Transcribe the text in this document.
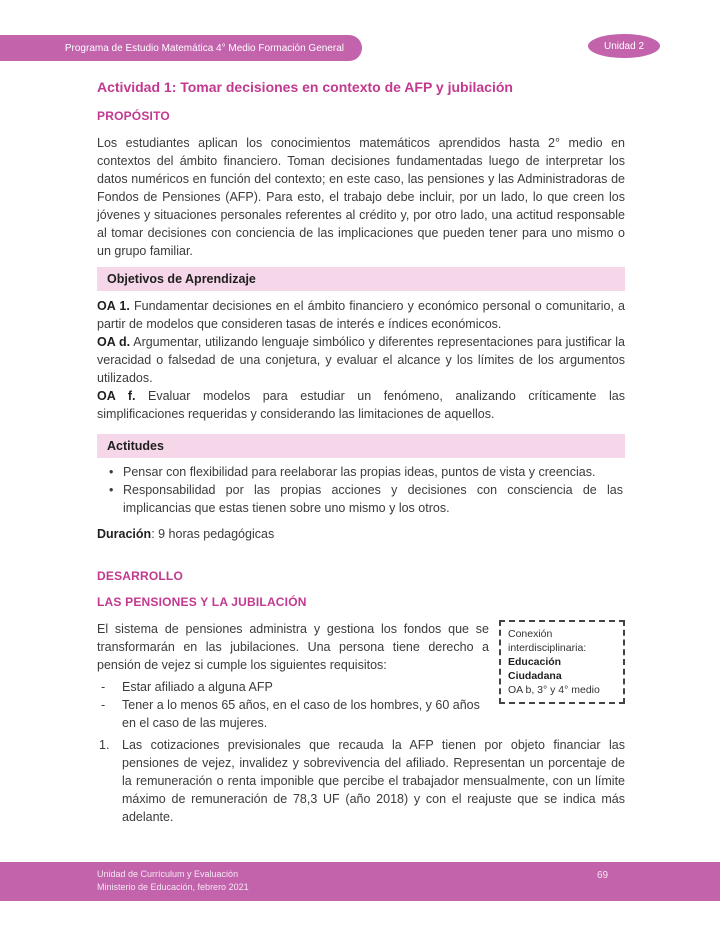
Programa de Estudio Matemática 4° Medio Formación General	Unidad 2
Actividad 1: Tomar decisiones en contexto de AFP y jubilación
PROPÓSITO

Los estudiantes aplican los conocimientos matemáticos aprendidos hasta 2° medio en contextos del ámbito financiero. Toman decisiones fundamentadas luego de interpretar los datos numéricos en función del contexto; en este caso, las pensiones y las Administradoras de Fondos de Pensiones (AFP). Para esto, el trabajo debe incluir, por un lado, lo que creen los jóvenes y situaciones personales referentes al crédito y, por otro lado, una actitud responsable al tomar decisiones con conciencia de las implicaciones que pueden tener para uno mismo o un grupo familiar.

Objetivos de Aprendizaje

OA 1. Fundamentar decisiones en el ámbito financiero y económico personal o comunitario, a partir de modelos que consideren tasas de interés e índices económicos.

OA d. Argumentar, utilizando lenguaje simbólico y diferentes representaciones para justificar la veracidad o falsedad de una conjetura, y evaluar el alcance y los límites de los argumentos utilizados.

OA f. Evaluar modelos para estudiar un fenómeno, analizando críticamente las simplificaciones requeridas y considerando las limitaciones de aquellos.

Actitudes
• Pensar con flexibilidad para reelaborar las propias ideas, puntos de vista y creencias.
• Responsabilidad por las propias acciones y decisiones con consciencia de las implicancias que estas tienen sobre uno mismo y los otros.

Duración: 9 horas pedagógicas

DESARROLLO
LAS PENSIONES Y LA JUBILACIÓN

El sistema de pensiones administra y gestiona los fondos que se transformarán en las jubilaciones. Una persona tiene derecho a pensión de vejez si cumple los siguientes requisitos:

-	Estar afiliado a alguna AFP
-	Tener a lo menos 65 años, en el caso de los hombres, y 60 años en el caso de las mujeres.
Conexión interdisciplinaria:
Educación Ciudadana
OA b, 3° y 4° medio
1.	Las cotizaciones previsionales que recauda la AFP tienen por objeto financiar las pensiones de vejez, invalidez y sobrevivencia del afiliado. Representan un porcentaje de la remuneración o renta imponible que percibe el trabajador mensualmente, con un límite máximo de remuneración de 78,3 UF (año 2018) y con el reajuste que se indica más adelante.
Unidad de Currículum y Evaluación
Ministerio de Educación, febrero 2021
69
